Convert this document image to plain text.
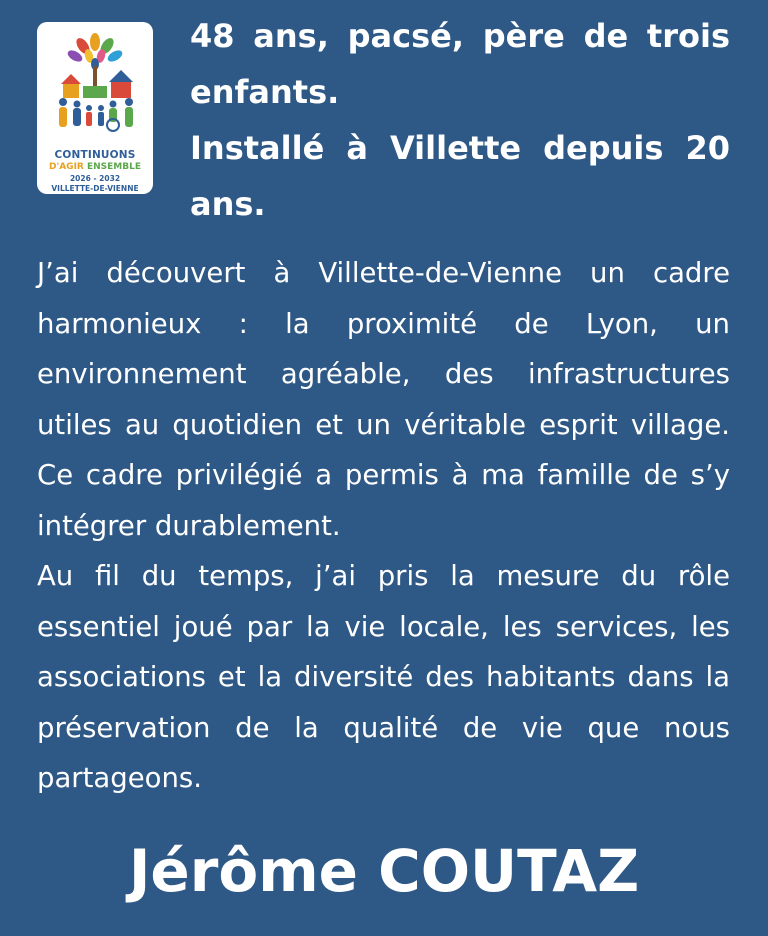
CONTINUONS
D'AGIR ENSEMBLE
2026 - 2032
VILLETTE-DE-VIENNE
48 ans, pacsé, père de trois enfants.
Installé à Villette depuis 20 ans.

J’ai découvert à Villette-de-Vienne un cadre harmonieux : la proximité de Lyon, un environnement agréable, des infrastructures utiles au quotidien et un véritable esprit village. Ce cadre privilégié a permis à ma famille de s’y intégrer durablement.

Au fil du temps, j’ai pris la mesure du rôle essentiel joué par la vie locale, les services, les associations et la diversité des habitants dans la préservation de la qualité de vie que nous partageons.

Jérôme COUTAZ
